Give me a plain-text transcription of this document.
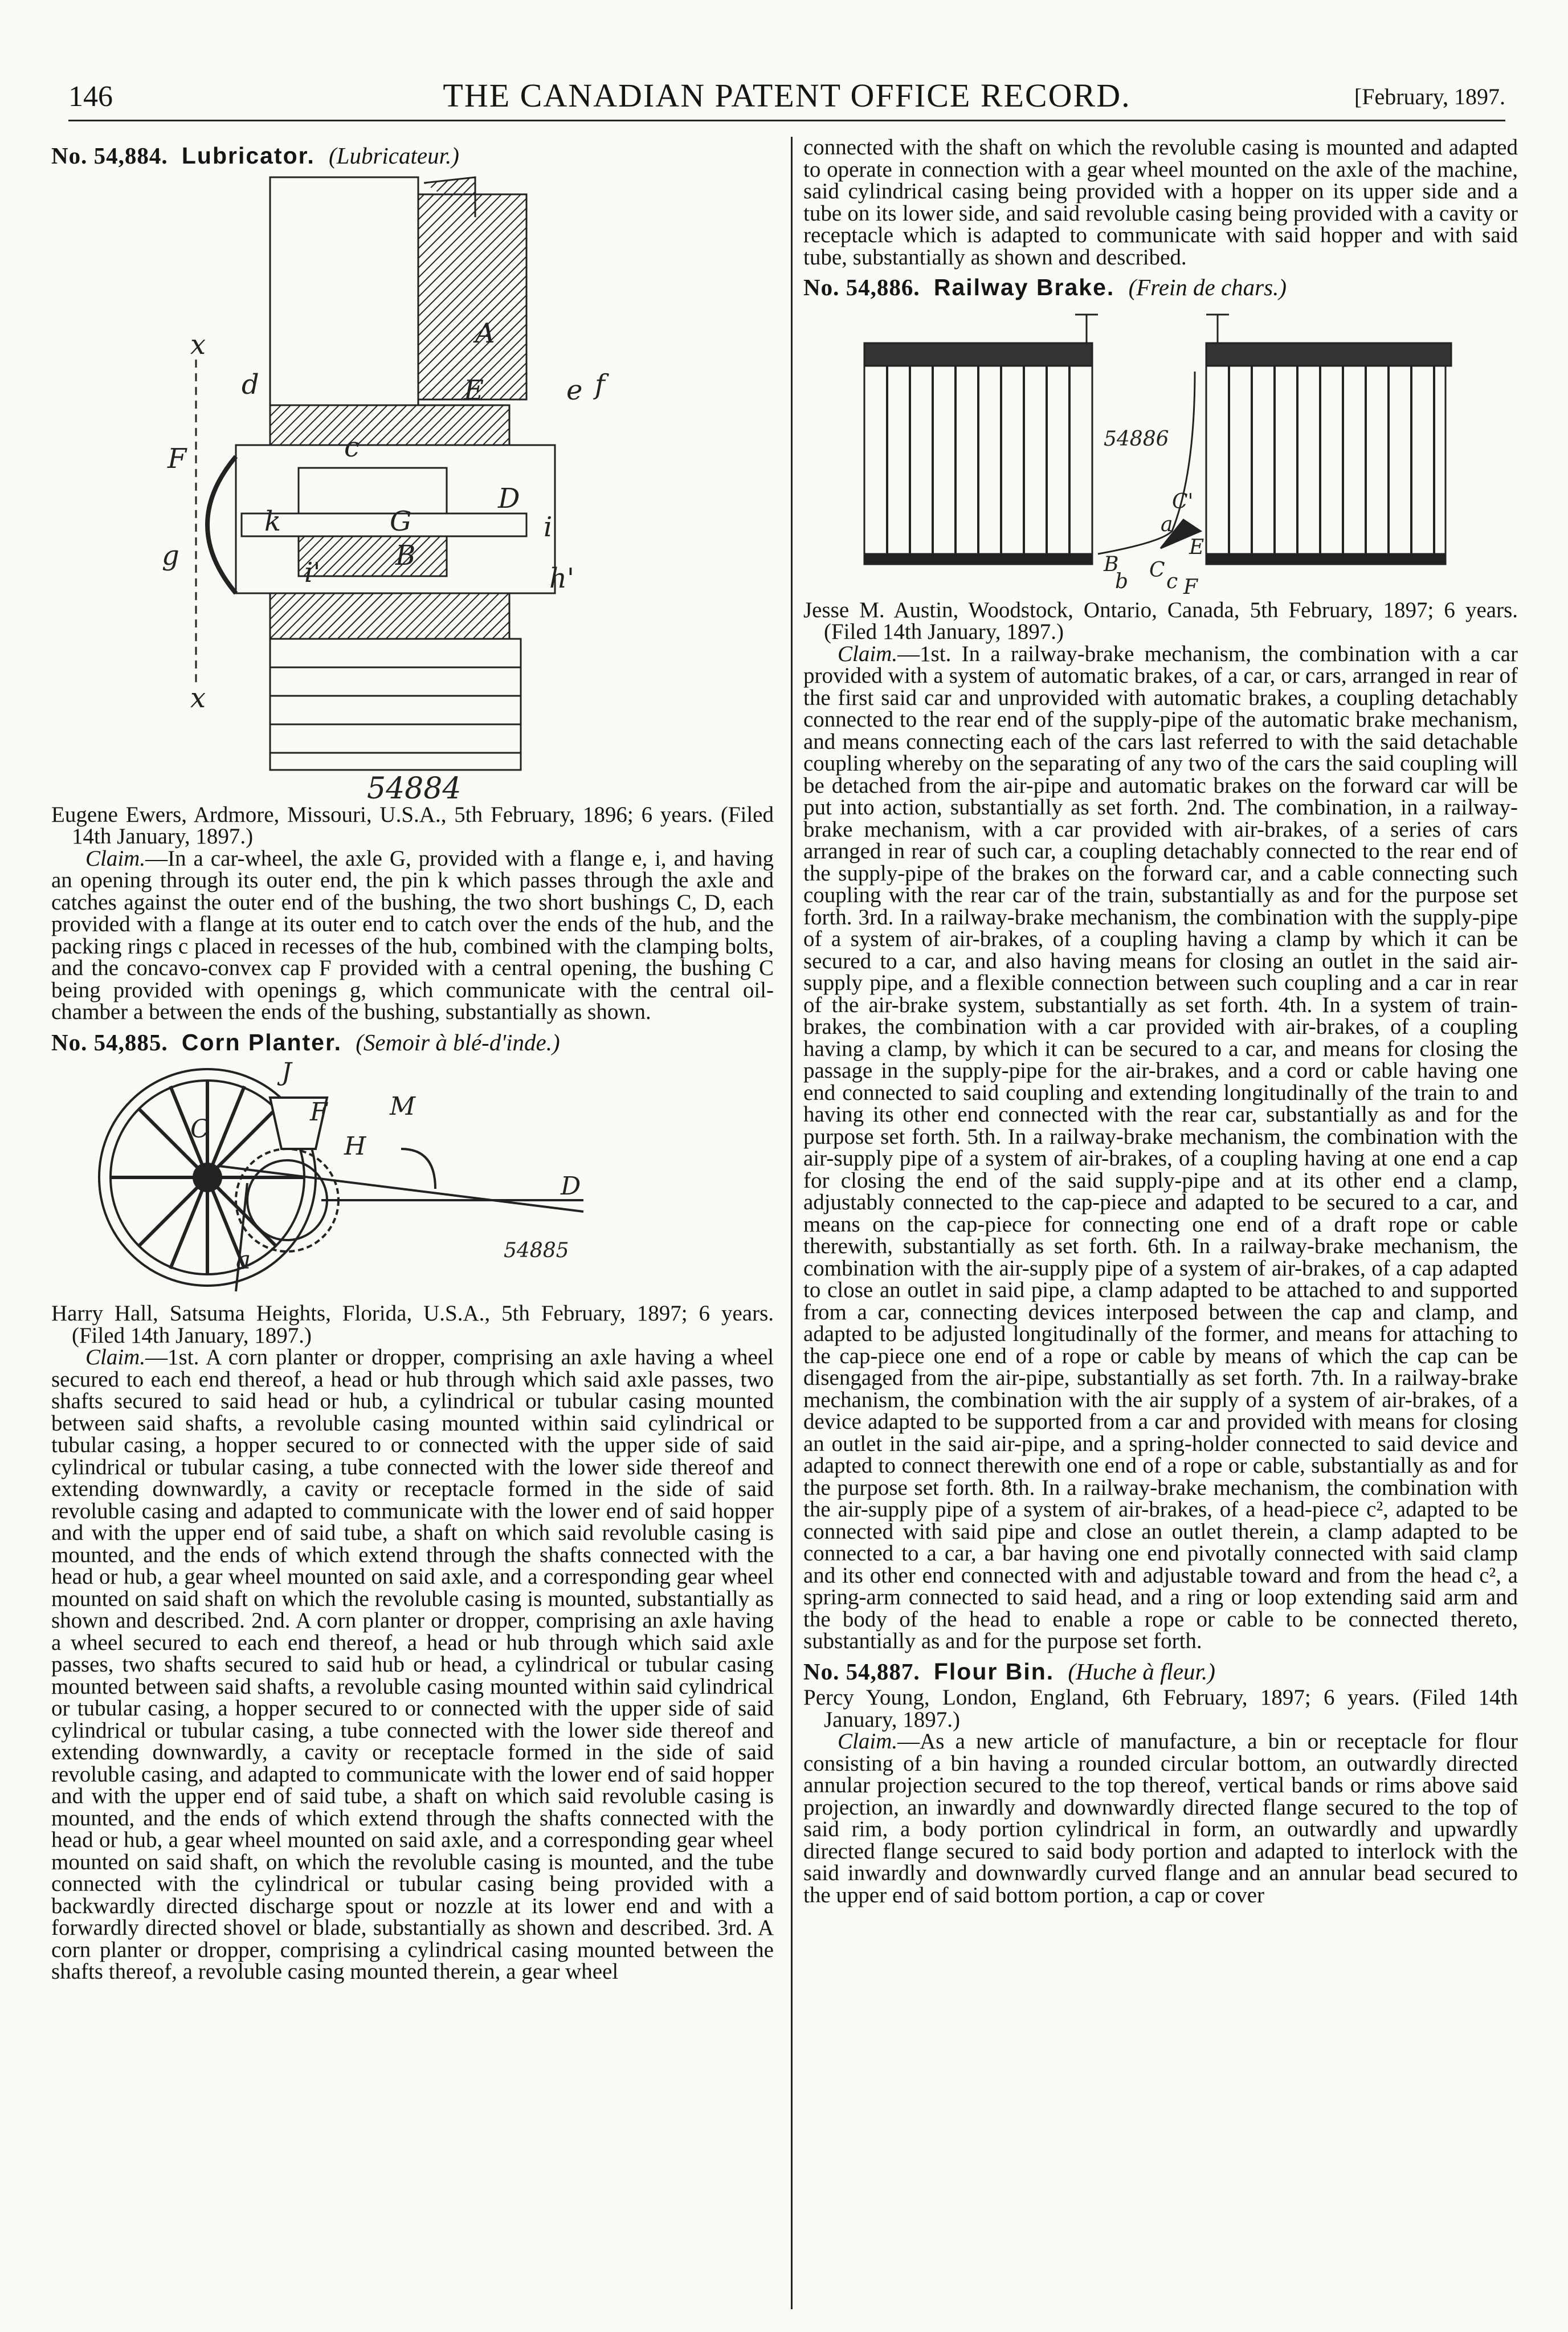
146	THE CANADIAN PATENT OFFICE RECORD.	[February, 1897.
No. 54,884. Lubricator. (Lubricateur.)
A
E	e f
d
F
g
k	G
D
i
B
h'
c
i'
x
x
54884

Eugene Ewers, Ardmore, Missouri, U.S.A., 5th February, 1896; 6 years. (Filed 14th January, 1897.)

Claim.—In a car-wheel, the axle G, provided with a flange e, i, and having an opening through its outer end, the pin k which passes through the axle and catches against the outer end of the bushing, the two short bushings C, D, each provided with a flange at its outer end to catch over the ends of the hub, and the packing rings c placed in recesses of the hub, combined with the clamping bolts, and the concavo-convex cap F provided with a central opening, the bushing C being provided with openings g, which communicate with the central oil-chamber a between the ends of the bushing, substantially as shown.

No. 54,885. Corn Planter. (Semoir à blé-d'inde.)
J
F
C
H
M
D
a	54885

Harry Hall, Satsuma Heights, Florida, U.S.A., 5th February, 1897; 6 years. (Filed 14th January, 1897.)

Claim.—1st. A corn planter or dropper, comprising an axle having a wheel secured to each end thereof, a head or hub through which said axle passes, two shafts secured to said head or hub, a cylindrical or tubular casing mounted between said shafts, a revoluble casing mounted within said cylindrical or tubular casing, a hopper secured to or connected with the upper side of said cylindrical or tubular casing, a tube connected with the lower side thereof and extending downwardly, a cavity or receptacle formed in the side of said revoluble casing and adapted to communicate with the lower end of said hopper and with the upper end of said tube, a shaft on which said revoluble casing is mounted, and the ends of which extend through the shafts connected with the head or hub, a gear wheel mounted on said axle, and a corresponding gear wheel mounted on said shaft on which the revoluble casing is mounted, substantially as shown and described. 2nd. A corn planter or dropper, comprising an axle having a wheel secured to each end thereof, a head or hub through which said axle passes, two shafts secured to said hub or head, a cylindrical or tubular casing mounted between said shafts, a revoluble casing mounted within said cylindrical or tubular casing, a hopper secured to or connected with the upper side of said cylindrical or tubular casing, a tube connected with the lower side thereof and extending downwardly, a cavity or receptacle formed in the side of said revoluble casing, and adapted to communicate with the lower end of said hopper and with the upper end of said tube, a shaft on which said revoluble casing is mounted, and the ends of which extend through the shafts connected with the head or hub, a gear wheel mounted on said axle, and a corresponding gear wheel mounted on said shaft, on which the revoluble casing is mounted, and the tube connected with the cylindrical or tubular casing being provided with a backwardly directed discharge spout or nozzle at its lower end and with a forwardly directed shovel or blade, substantially as shown and described. 3rd. A corn planter or dropper, comprising a cylindrical casing mounted between the shafts thereof, a revoluble casing mounted therein, a gear wheel

connected with the shaft on which the revoluble casing is mounted and adapted to operate in connection with a gear wheel mounted on the axle of the machine, said cylindrical casing being provided with a hopper on its upper side and a tube on its lower side, and said revoluble casing being provided with a cavity or receptacle which is adapted to communicate with said hopper and with said tube, substantially as shown and described.

No. 54,886. Railway Brake. (Frein de chars.)
B
b C c
C'
E
F
a
54886

Jesse M. Austin, Woodstock, Ontario, Canada, 5th February, 1897; 6 years. (Filed 14th January, 1897.)

Claim.—1st. In a railway-brake mechanism, the combination with a car provided with a system of automatic brakes, of a car, or cars, arranged in rear of the first said car and unprovided with automatic brakes, a coupling detachably connected to the rear end of the supply-pipe of the automatic brake mechanism, and means connecting each of the cars last referred to with the said detachable coupling whereby on the separating of any two of the cars the said coupling will be detached from the air-pipe and automatic brakes on the forward car will be put into action, substantially as set forth. 2nd. The combination, in a railway-brake mechanism, with a car provided with air-brakes, of a series of cars arranged in rear of such car, a coupling detachably connected to the rear end of the supply-pipe of the brakes on the forward car, and a cable connecting such coupling with the rear car of the train, substantially as and for the purpose set forth. 3rd. In a railway-brake mechanism, the combination with the supply-pipe of a system of air-brakes, of a coupling having a clamp by which it can be secured to a car, and also having means for closing an outlet in the said air-supply pipe, and a flexible connection between such coupling and a car in rear of the air-brake system, substantially as set forth. 4th. In a system of train-brakes, the combination with a car provided with air-brakes, of a coupling having a clamp, by which it can be secured to a car, and means for closing the passage in the supply-pipe for the air-brakes, and a cord or cable having one end connected to said coupling and extending longitudinally of the train to and having its other end connected with the rear car, substantially as and for the purpose set forth. 5th. In a railway-brake mechanism, the combination with the air-supply pipe of a system of air-brakes, of a coupling having at one end a cap for closing the end of the said supply-pipe and at its other end a clamp, adjustably connected to the cap-piece and adapted to be secured to a car, and means on the cap-piece for connecting one end of a draft rope or cable therewith, substantially as set forth. 6th. In a railway-brake mechanism, the combination with the air-supply pipe of a system of air-brakes, of a cap adapted to close an outlet in said pipe, a clamp adapted to be attached to and supported from a car, connecting devices interposed between the cap and clamp, and adapted to be adjusted longitudinally of the former, and means for attaching to the cap-piece one end of a rope or cable by means of which the cap can be disengaged from the air-pipe, substantially as set forth. 7th. In a railway-brake mechanism, the combination with the air supply of a system of air-brakes, of a device adapted to be supported from a car and provided with means for closing an outlet in the said air-pipe, and a spring-holder connected to said device and adapted to connect therewith one end of a rope or cable, substantially as and for the purpose set forth. 8th. In a railway-brake mechanism, the combination with the air-supply pipe of a system of air-brakes, of a head-piece c², adapted to be connected with said pipe and close an outlet therein, a clamp adapted to be connected to a car, a bar having one end pivotally connected with said clamp and its other end connected with and adjustable toward and from the head c², a spring-arm connected to said head, and a ring or loop extending said arm and the body of the head to enable a rope or cable to be connected thereto, substantially as and for the purpose set forth.

No. 54,887. Flour Bin. (Huche à fleur.)

Percy Young, London, England, 6th February, 1897; 6 years. (Filed 14th January, 1897.)

Claim.—As a new article of manufacture, a bin or receptacle for flour consisting of a bin having a rounded circular bottom, an outwardly directed annular projection secured to the top thereof, vertical bands or rims above said projection, an inwardly and downwardly directed flange secured to the top of said rim, a body portion cylindrical in form, an outwardly and upwardly directed flange secured to said body portion and adapted to interlock with the said inwardly and downwardly curved flange and an annular bead secured to the upper end of said bottom portion, a cap or cover
